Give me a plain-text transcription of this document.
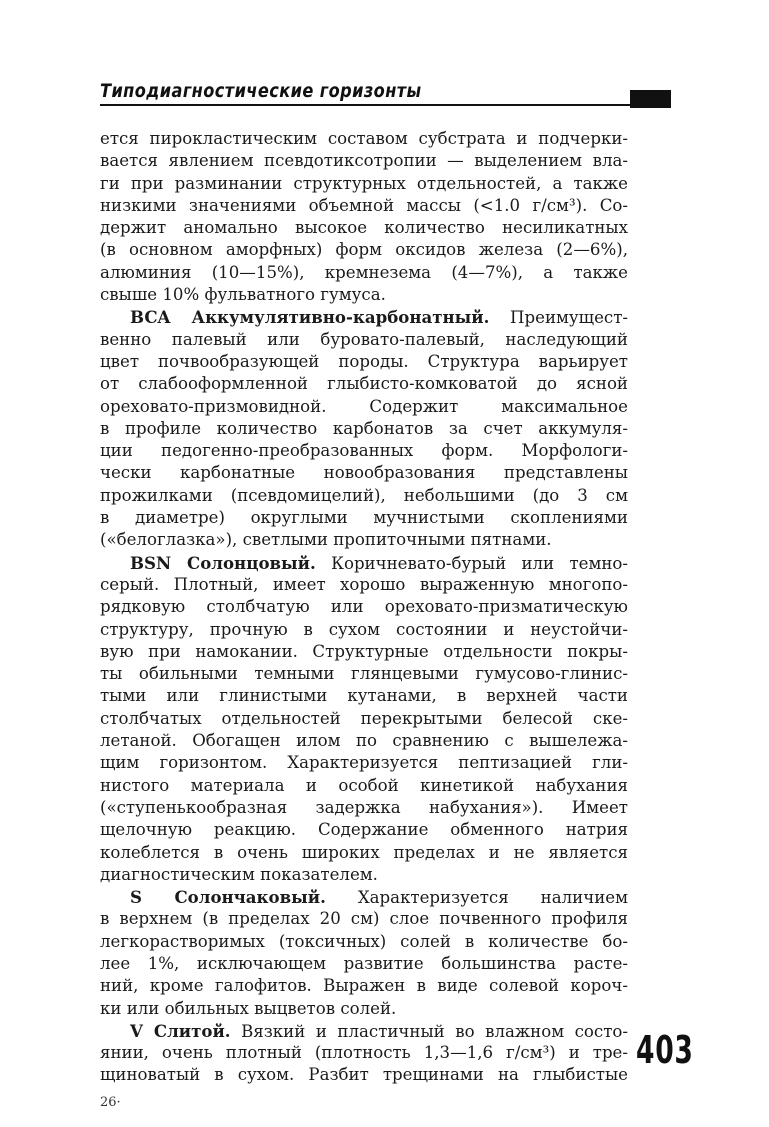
Типодиагностические горизонты
ется пирокластическим составом субстрата и подчерки-
вается явлением псевдотиксотропии — выделением вла-
ги при разминании структурных отдельностей, а также
низкими значениями объемной массы (<1.0 г/см³). Со-
держит аномально высокое количество несиликатных
(в основном аморфных) форм оксидов железа (2—6%),
алюминия (10—15%), кремнезема (4—7%), а также
свыше 10% фульватного гумуса.
BCA Аккумулятивно-карбонатный. Преимущест-
венно палевый или буровато-палевый, наследующий
цвет почвообразующей породы. Структура варьирует
от слабооформленной глыбисто-комковатой до ясной
ореховато-призмовидной. Содержит максимальное
в профиле количество карбонатов за счет аккумуля-
ции педогенно-преобразованных форм. Морфологи-
чески карбонатные новообразования представлены
прожилками (псевдомицелий), небольшими (до 3 см
в диаметре) округлыми мучнистыми скоплениями
(«белоглазка»), светлыми пропиточными пятнами.
BSN Солонцовый. Коричневато-бурый или темно-
серый. Плотный, имеет хорошо выраженную многопо-
рядковую столбчатую или ореховато-призматическую
структуру, прочную в сухом состоянии и неустойчи-
вую при намокании. Структурные отдельности покры-
ты обильными темными глянцевыми гумусово-глинис-
тыми или глинистыми кутанами, в верхней части
столбчатых отдельностей перекрытыми белесой ске-
летаной. Обогащен илом по сравнению с вышележа-
щим горизонтом. Характеризуется пептизацией гли-
нистого материала и особой кинетикой набухания
(«ступенькообразная задержка набухания»). Имеет
щелочную реакцию. Содержание обменного натрия
колеблется в очень широких пределах и не является
диагностическим показателем.
S Солончаковый. Характеризуется наличием
в верхнем (в пределах 20 см) слое почвенного профиля
легкорастворимых (токсичных) солей в количестве бо-
лее 1%, исключающем развитие большинства расте-
ний, кроме галофитов. Выражен в виде солевой короч-
ки или обильных выцветов солей.
V Слитой. Вязкий и пластичный во влажном состо-
янии, очень плотный (плотность 1,3—1,6 г/см³) и тре-
щиноватый в сухом. Разбит трещинами на глыбистые
403
26·
